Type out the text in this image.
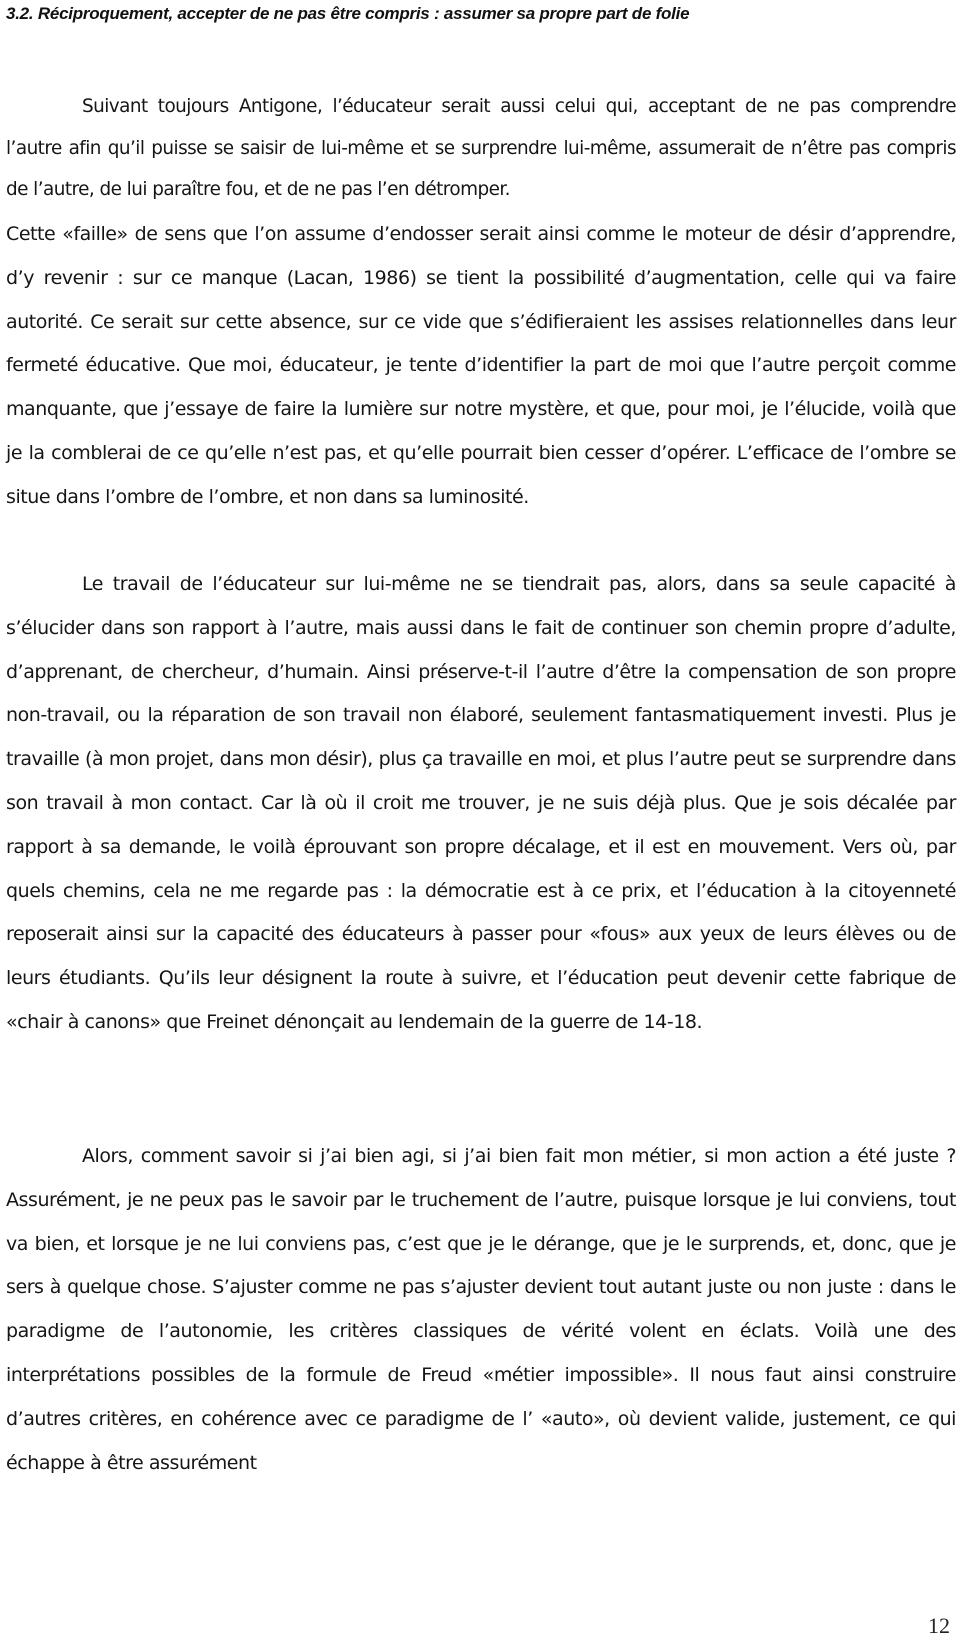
3.2. Réciproquement, accepter de ne pas être compris : assumer sa propre part de folie

Suivant toujours Antigone, l’éducateur serait aussi celui qui, acceptant de ne pas comprendre l’autre afin qu’il puisse se saisir de lui-même et se surprendre lui-même, assumerait de n’être pas compris de l’autre, de lui paraître fou, et de ne pas l’en détromper.

Cette «faille» de sens que l’on assume d’endosser serait ainsi comme le moteur de désir d’apprendre, d’y revenir : sur ce manque (Lacan, 1986) se tient la possibilité d’augmentation, celle qui va faire autorité. Ce serait sur cette absence, sur ce vide que s’édifieraient les assises relationnelles dans leur fermeté éducative. Que moi, éducateur, je tente d’identifier la part de moi que l’autre perçoit comme manquante, que j’essaye de faire la lumière sur notre mystère, et que, pour moi, je l’élucide, voilà que je la comblerai de ce qu’elle n’est pas, et qu’elle pourrait bien cesser d’opérer. L’efficace de l’ombre se situe dans l’ombre de l’ombre, et non dans sa luminosité.

Le travail de l’éducateur sur lui-même ne se tiendrait pas, alors, dans sa seule capacité à s’élucider dans son rapport à l’autre, mais aussi dans le fait de continuer son chemin propre d’adulte, d’apprenant, de chercheur, d’humain. Ainsi préserve-t-il l’autre d’être la compensation de son propre non-travail, ou la réparation de son travail non élaboré, seulement fantasmatiquement investi. Plus je travaille (à mon projet, dans mon désir), plus ça travaille en moi, et plus l’autre peut se surprendre dans son travail à mon contact. Car là où il croit me trouver, je ne suis déjà plus. Que je sois décalée par rapport à sa demande, le voilà éprouvant son propre décalage, et il est en mouvement. Vers où, par quels chemins, cela ne me regarde pas : la démocratie est à ce prix, et l’éducation à la citoyenneté reposerait ainsi sur la capacité des éducateurs à passer pour «fous» aux yeux de leurs élèves ou de leurs étudiants. Qu’ils leur désignent la route à suivre, et l’éducation peut devenir cette fabrique de «chair à canons» que Freinet dénonçait au lendemain de la guerre de 14-18.

Alors, comment savoir si j’ai bien agi, si j’ai bien fait mon métier, si mon action a été juste ? Assurément, je ne peux pas le savoir par le truchement de l’autre, puisque lorsque je lui conviens, tout va bien, et lorsque je ne lui conviens pas, c’est que je le dérange, que je le surprends, et, donc, que je sers à quelque chose. S’ajuster comme ne pas s’ajuster devient tout autant juste ou non juste : dans le paradigme de l’autonomie, les critères classiques de vérité volent en éclats. Voilà une des interprétations possibles de la formule de Freud «métier impossible». Il nous faut ainsi construire d’autres critères, en cohérence avec ce paradigme de l’ «auto», où devient valide, justement, ce qui échappe à être assurément

12
